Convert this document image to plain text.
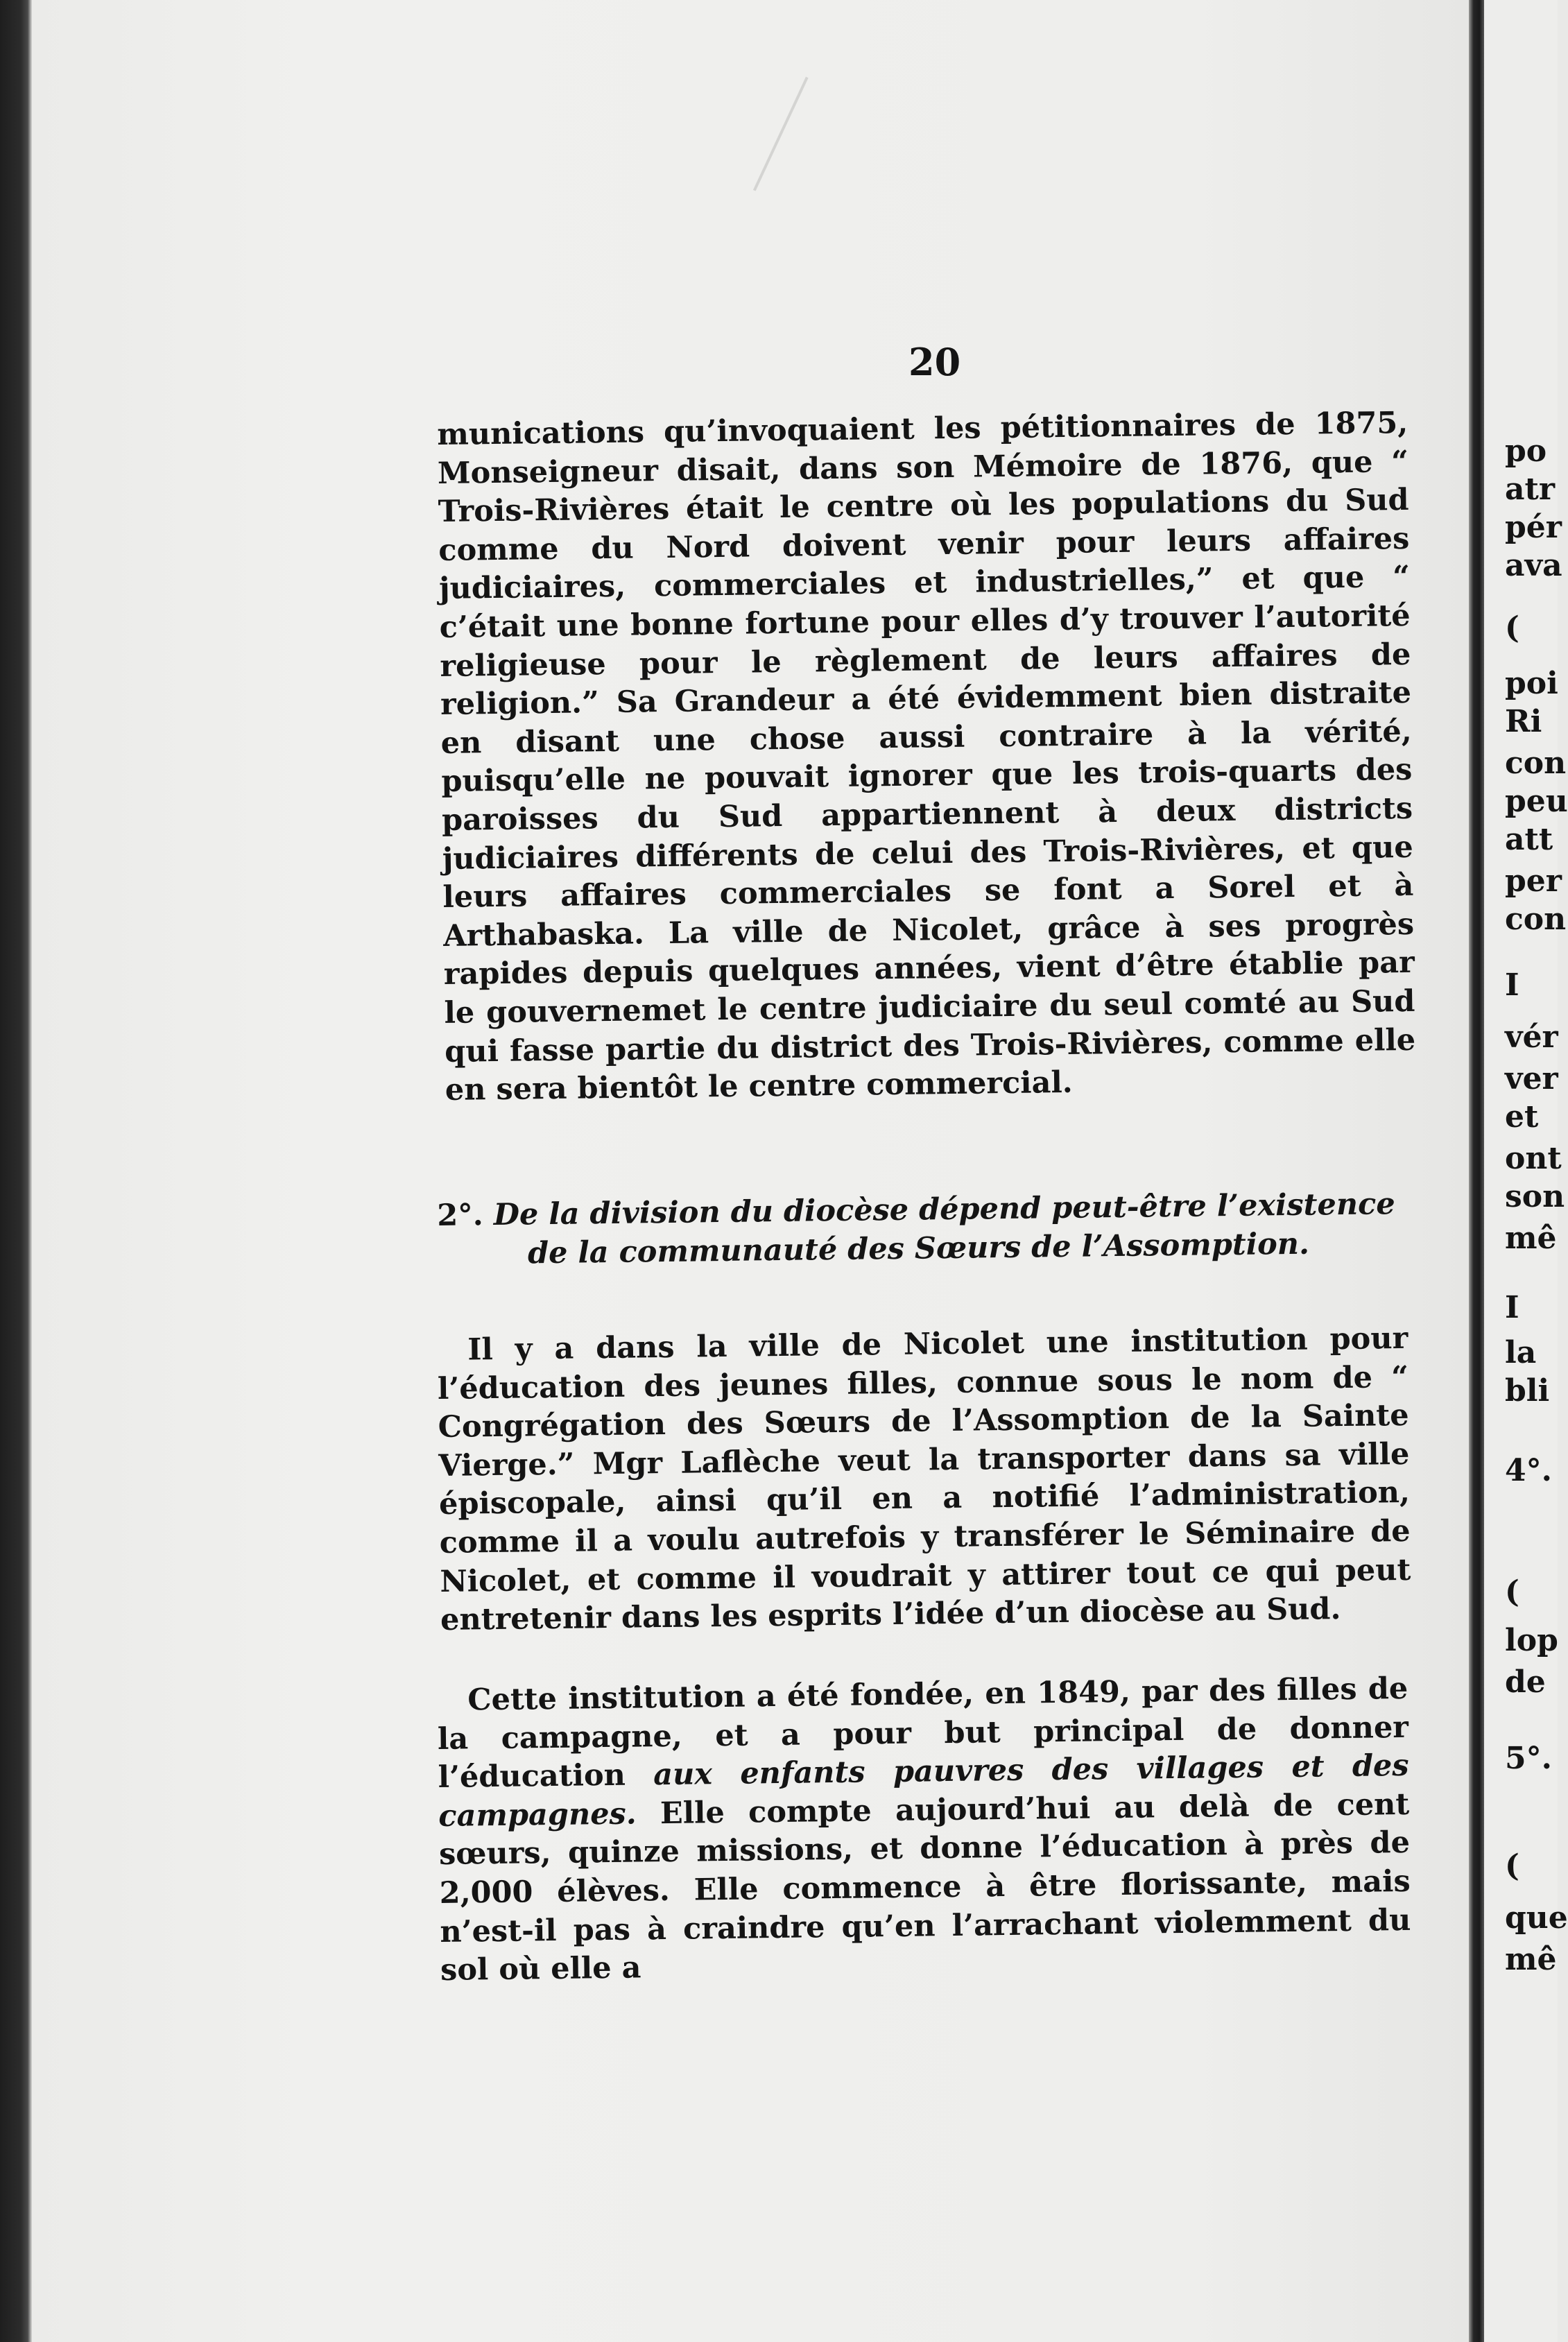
20

munications qu’invoquaient les pétitionnaires de 1875, Monseigneur disait, dans son Mémoire de 1876, que “ Trois-Rivières était le centre où les populations du Sud comme du Nord doivent venir pour leurs affaires judiciaires, commerciales et industrielles,” et que “ c’était une bonne fortune pour elles d’y trouver l’autorité religieuse pour le règlement de leurs affaires de religion.” Sa Grandeur a été évidemment bien distraite en disant une chose aussi contraire à la vérité, puisqu’elle ne pouvait ignorer que les trois-quarts des paroisses du Sud appartiennent à deux districts judiciaires différents de celui des Trois-Rivières, et que leurs affaires commerciales se font a Sorel et à Arthabaska. La ville de Nicolet, grâce à ses progrès rapides depuis quelques années, vient d’être établie par le gouvernemet le centre judiciaire du seul comté au Sud qui fasse partie du district des Trois-Rivières, comme elle en sera bientôt le centre commercial.

2°. De la division du diocèse dépend peut-être l’existence
de la communauté des Sœurs de l’Assomption.

Il y a dans la ville de Nicolet une institution pour l’éducation des jeunes filles, connue sous le nom de “ Congrégation des Sœurs de l’Assomption de la Sainte Vierge.” Mgr Laflèche veut la transporter dans sa ville épiscopale, ainsi qu’il en a notifié l’administration, comme il a voulu autrefois y transférer le Séminaire de Nicolet, et comme il voudrait y attirer tout ce qui peut entretenir dans les esprits l’idée d’un diocèse au Sud.

Cette institution a été fondée, en 1849, par des filles de la campagne, et a pour but principal de donner l’éducation aux enfants pauvres des villages et des campagnes. Elle compte aujourd’hui au delà de cent sœurs, quinze missions, et donne l’éducation à près de 2,000 élèves. Elle commence à être florissante, mais n’est-il pas à craindre qu’en l’arrachant violemment du sol où elle a

po
atr
pér
ava
(
poi
Ri
con
peu
att
per
con
I
vér
ver
et
ont
son
mê
I
la
bli
4°.
(
lop
de
5°.
(
que
mê
